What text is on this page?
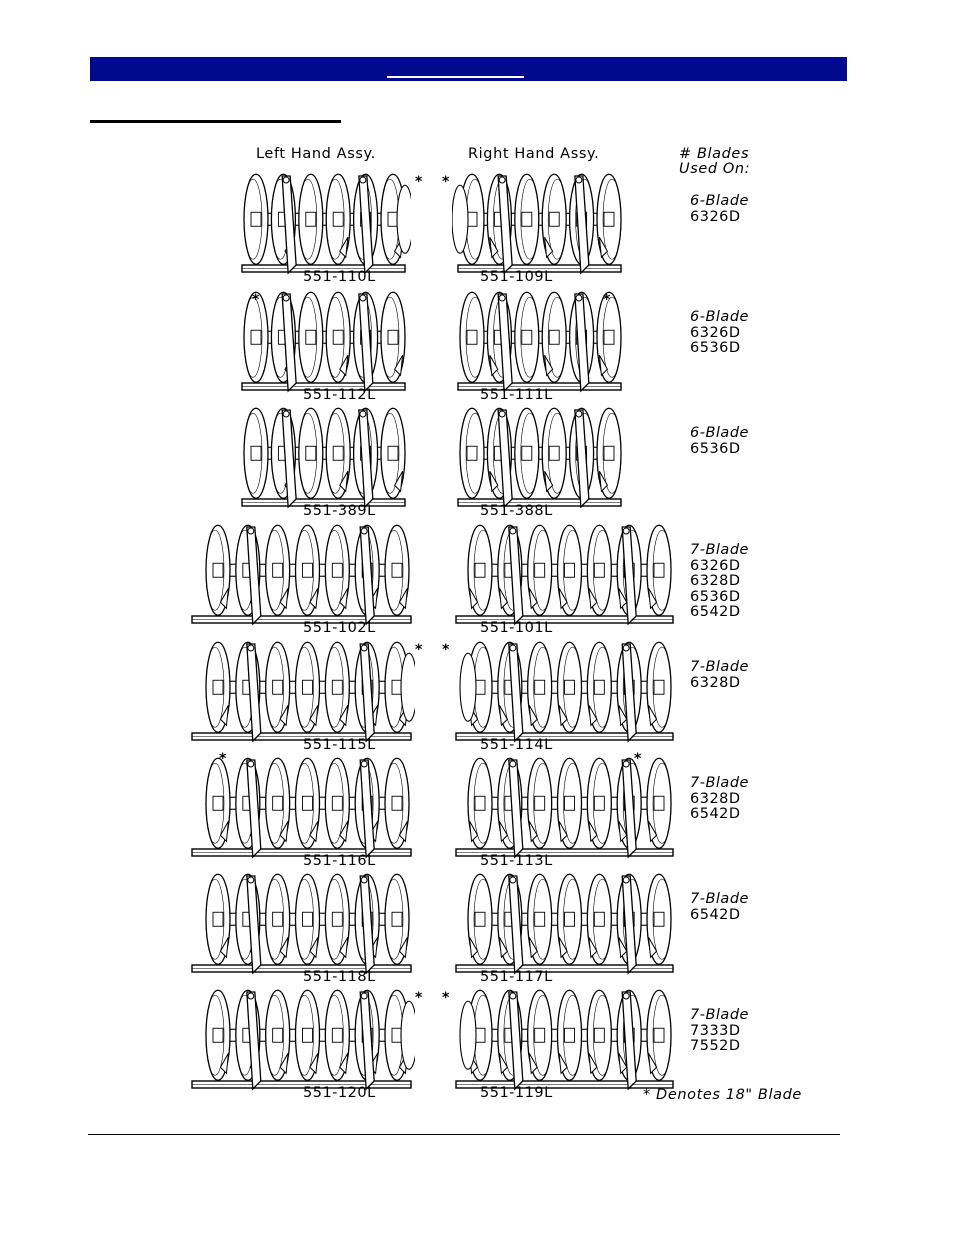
Left Hand Assy.	Right Hand Assy.	# Blades
Used On:
551-110L	551-109L
* *
6-Blade
6326D
551-112L	551-111L
*	*
6-Blade
6326D
6536D
551-389L	551-388L
6-Blade
6536D
551-102L	551-101L
7-Blade
6326D
6328D
6536D
6542D
551-115L	551-114L
* *
7-Blade
6328D
551-116L	551-113L
*	*
7-Blade
6328D
6542D
551-118L	551-117L
7-Blade
6542D
551-120L	551-119L
* *
7-Blade
7333D
7552D
* Denotes 18" Blade
